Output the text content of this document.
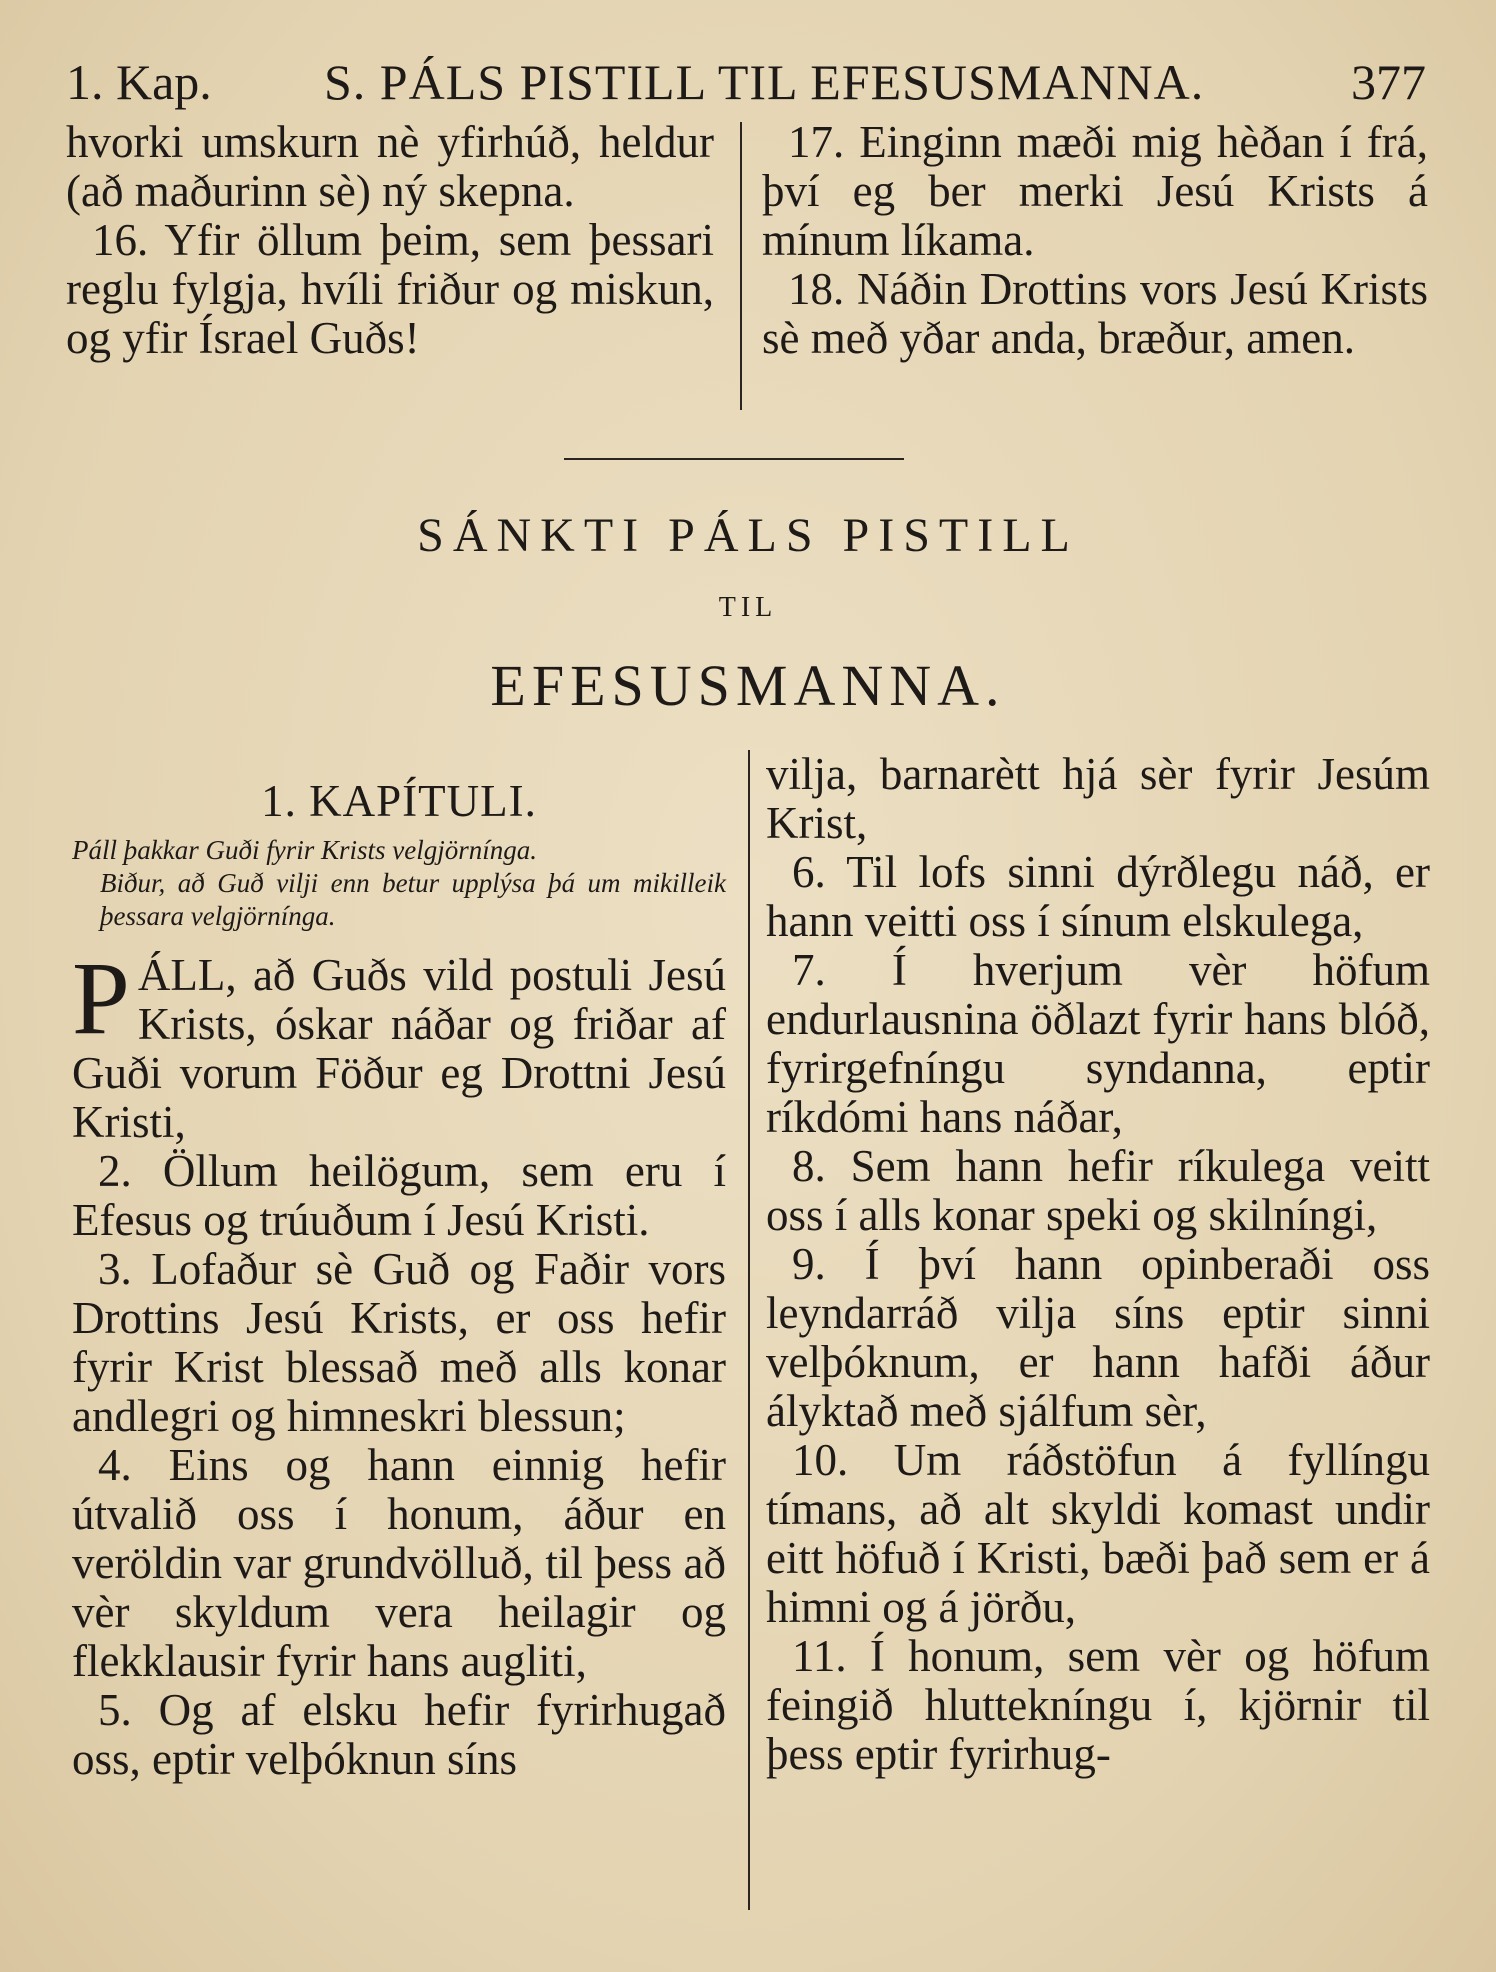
1. Kap. S. PÁLS PISTILL TIL EFESUSMANNA.	377

hvorki umskurn nè yfirhúð, heldur (að maðurinn sè) ný skepna.

16. Yfir öllum þeim, sem þessari reglu fylgja, hvíli friður og miskun, og yfir Ísrael Guðs!

17. Einginn mæði mig hèðan í frá, því eg ber merki Jesú Krists á mínum líkama.

18. Náðin Drottins vors Jesú Krists sè með yðar anda, bræður, amen.

SÁNKTI PÁLS PISTILL
TIL
EFESUSMANNA.
1. KAPÍTULI.
Páll þakkar Guði fyrir Krists velgjörnínga.
Biður, að Guð vilji enn betur upplýsa þá um mikilleik þessara velgjörnínga.

PÁLL, að Guðs vild postuli Jesú Krists, óskar náðar og friðar af Guði vorum Föður eg Drottni Jesú Kristi,

2. Öllum heilögum, sem eru í Efesus og trúuðum í Jesú Kristi.

3. Lofaður sè Guð og Faðir vors Drottins Jesú Krists, er oss hefir fyrir Krist blessað með alls konar andlegri og himneskri blessun;

4. Eins og hann einnig hefir útvalið oss í honum, áður en veröldin var grundvölluð, til þess að vèr skyldum vera heilagir og flekklausir fyrir hans augliti,

5. Og af elsku hefir fyrirhugað oss, eptir velþóknun síns

vilja, barnarètt hjá sèr fyrir Jesúm Krist,

6. Til lofs sinni dýrðlegu náð, er hann veitti oss í sínum elskulega,

7. Í hverjum vèr höfum endurlausnina öðlazt fyrir hans blóð, fyrirgefníngu syndanna, eptir ríkdómi hans náðar,

8. Sem hann hefir ríkulega veitt oss í alls konar speki og skilníngi,

9. Í því hann opinberaði oss leyndarráð vilja síns eptir sinni velþóknum, er hann hafði áður ályktað með sjálfum sèr,

10. Um ráðstöfun á fyllíngu tímans, að alt skyldi komast undir eitt höfuð í Kristi, bæði það sem er á himni og á jörðu,

11. Í honum, sem vèr og höfum feingið hluttekníngu í, kjörnir til þess eptir fyrirhug-
